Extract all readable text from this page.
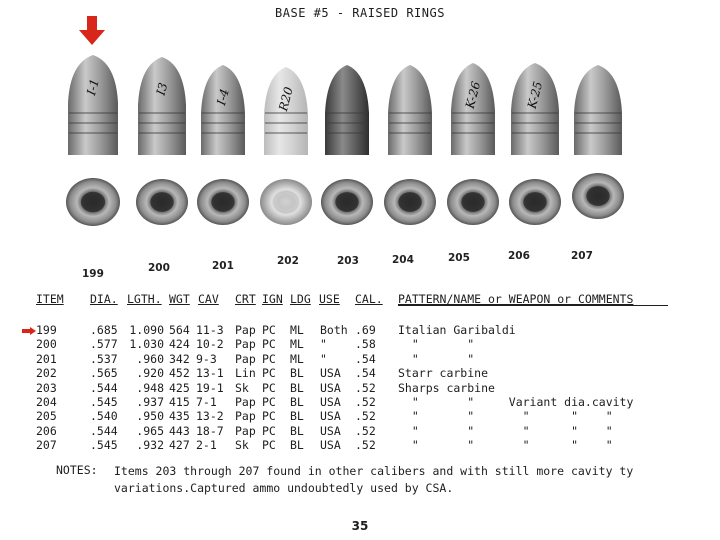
BASE #5 - RAISED RINGS
I-1	I3	I-4	R20	K-26	K-25
199	200	201	202	203	204	205	206	207
ITEM DIA. LGTH. WGT CAV CRT IGN LDG USE CAL. PATTERN/NAME or WEAPON or COMMENTS
199	.685 1.090 564 11-3 Pap PC ML Both .69 Italian Garibaldi
200	.577 1.030 424 10-2 Pap PC ML " .58 "       "
201	.537	.960 342 9-3 Pap PC ML " .54 "       "
202	.565	.920 452 13-1 Lin PC BL USA .54 Starr carbine
203	.544	.948 425 19-1 Sk PC BL USA .52 Sharps carbine
204	.545	.937 415 7-1 Pap PC BL USA .52 "       "     Variant dia.cavity
205	.540	.950 435 13-2 Pap PC BL USA .52 "       "       "      "    "
206	.544	.965 443 18-7 Pap PC BL USA .52 "       "       "      "    "
207	.545	.932 427 2-1 Sk PC BL USA .52 "       "       "      "    "
NOTES: Items 203 through 207 found in other calibers and with still more cavity ty variations.Captured ammo undoubtedly used by CSA.
35
